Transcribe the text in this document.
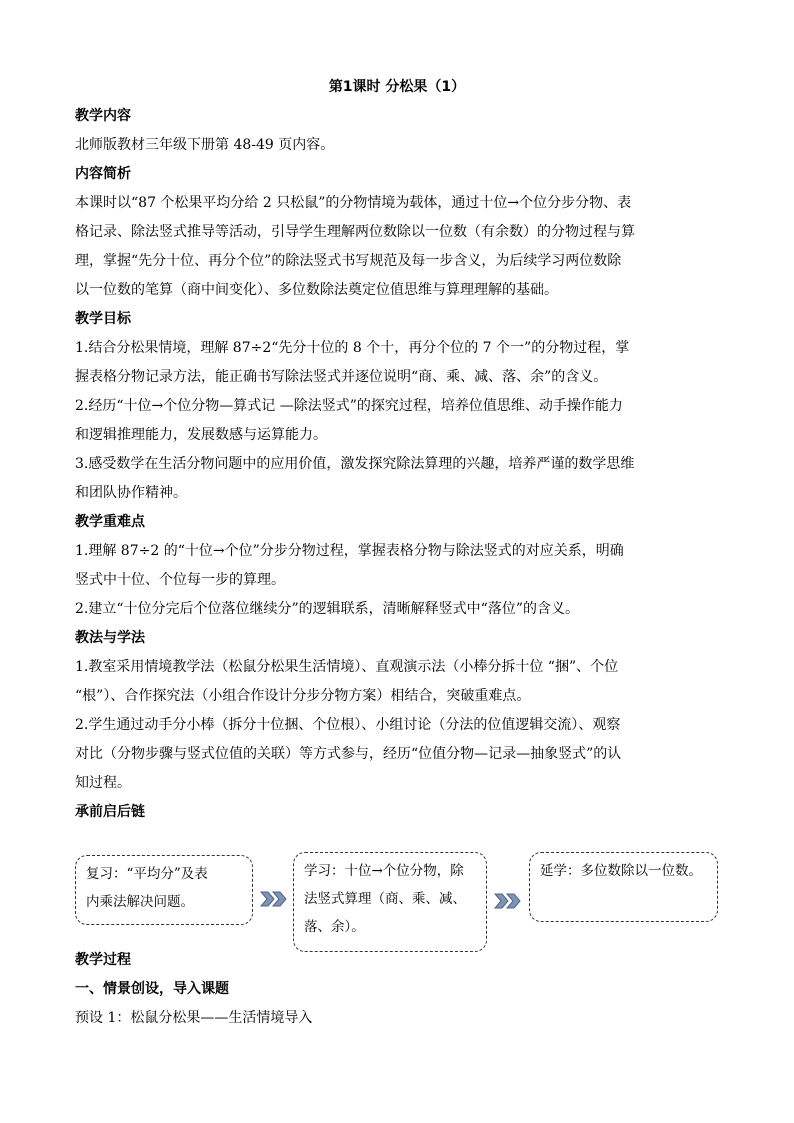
第1课时 分松果（1）

教学内容

北师版教材三年级下册第 48-49 页内容。

内容简析

本课时以“87 个松果平均分给 2 只松鼠”的分物情境为载体，通过十位→个位分步分物、表

格记录、除法竖式推导等活动，引导学生理解两位数除以一位数（有余数）的分物过程与算

理，掌握“先分十位、再分个位”的除法竖式书写规范及每一步含义，为后续学习两位数除

以一位数的笔算（商中间变化）、多位数除法奠定位值思维与算理理解的基础。

教学目标

1.结合分松果情境，理解 87÷2“先分十位的 8 个十，再分个位的 7 个一”的分物过程，掌

握表格分物记录方法，能正确书写除法竖式并逐位说明“商、乘、减、落、余”的含义。

2.经历“十位→个位分物—算式记 —除法竖式”的探究过程，培养位值思维、动手操作能力

和逻辑推理能力，发展数感与运算能力。

3.感受数学在生活分物问题中的应用价值，激发探究除法算理的兴趣，培养严谨的数学思维

和团队协作精神。

教学重难点

1.理解 87÷2 的“十位→个位”分步分物过程，掌握表格分物与除法竖式的对应关系，明确

竖式中十位、个位每一步的算理。

2.建立“十位分完后个位落位继续分”的逻辑联系，清晰解释竖式中“落位”的含义。

教法与学法

1.教室采用情境教学法（松鼠分松果生活情境）、直观演示法（小棒分拆十位 “捆”、个位

“根”）、合作探究法（小组合作设计分步分物方案）相结合，突破重难点。

2.学生通过动手分小棒（拆分十位捆、个位根）、小组讨论（分法的位值逻辑交流）、观察

对比（分物步骤与竖式位值的关联）等方式参与，经历“位值分物—记录—抽象竖式”的认

知过程。

承前启后链

复习：“平均分”及表
内乘法解决问题。
学习：十位→个位分物，除
法竖式算理（商、乘、减、
落、余）。
延学：多位数除以一位数。

教学过程

一、情景创设，导入课题

预设 1：松鼠分松果——生活情境导入
